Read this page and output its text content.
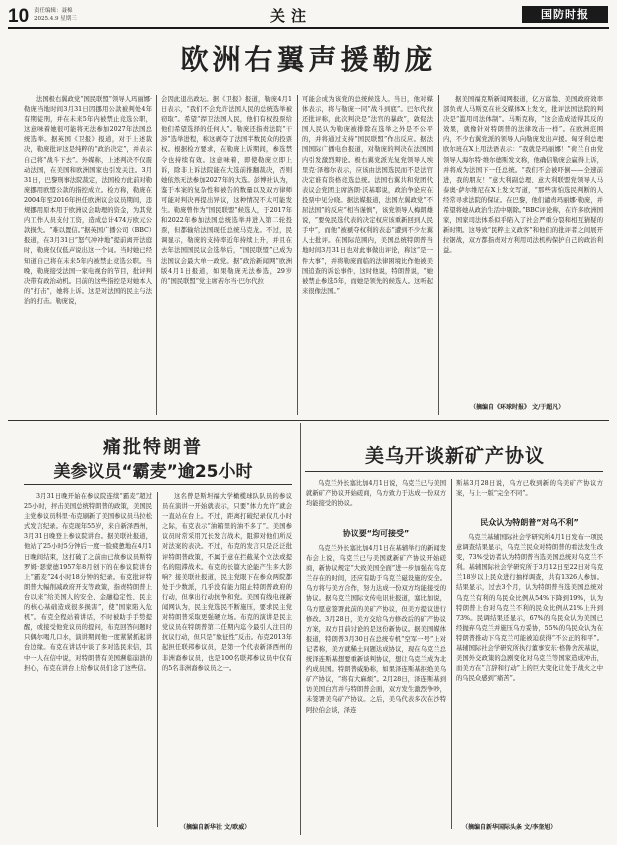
10 责任编辑：聂棉
2025.4.9 星期三	关注	国防时报
欧洲右翼声援勒庞
法国极右翼政党“国民联盟”领导人玛丽娜·勒庞当地时间3月31日因挪用公款被判处4年有期徒刑，并在未来5年内被禁止竞选公职，这意味着她很可能将无法参加2027年法国总统选举。据英国《卫报》报道，对于上述裁决，勒庞批评这是纯粹的“政治决定”，并表示自己将“战斗下去”。外媒称，上述判决不仅震动法国，在美国和欧洲国家也引发关注。3月31日，巴黎刑事法院裁定，法国检方此前对勒庞挪用欧盟公款的指控成立。检方称，勒庞在2004年至2016年担任欧洲议会议员期间，违规挪用原本用于欧洲议会助理的资金，为其党内工作人员支付工资，造成总计474万欧元公款损失。“难以置信。”据英国广播公司（BBC）报道，在3月31日“怒气冲冲地”提前离开法庭时，勒庞仅仅低声说出这一个词。当时她已经知道自己将在未来5年内被禁止竞选公职。当晚，勒庞接受法国一家电视台的节目，批评判决带有政治动机。目前的这些指控是对她本人的“打击”，她将上诉。这是对法国的民主与法治的打击。勒庞说，
会因此退出政坛。据《卫报》报道，勒庞4月1日表示，“我们不会允许法国人民的总统选举被窃取”。希望“捍卫法国人民，他们有权投票给他们希望选择的任何人”。勒庞还指责法院“干涉”选举进程，称这剥夺了法国半数民众的投票权。根据检方要求，在勒庞上诉期间，参选禁令也持续有效。这意味着，即使勒庞立即上诉，除非上诉法院能在大选前推翻裁决，否则她依然无法参加2027年的大选。彭博社认为，鉴于本案的复杂性和被告的数量以及双方律师可能对判决再提出异议，这种情况不太可能发生。勒庞曾作为“国民联盟”候选人，于2017年和2022年参加法国总统选举并进入第二轮投票，但都输给法国现任总统马克龙。不过，民调显示，勒庞的支持率近年持续上升，并且在去年法国国民议会选举后，“国民联盟”已成为法国议会最大单一政党。据“政治新闻网”欧洲版4月1日报道，如果勒庞无法参选，29岁的“国民联盟”党主席若尔当·巴尔代拉
可能会成为该党的总统候选人。当日，他对媒体表示，将与勒庞一同“战斗到底”。巴尔代拉还批评称，此次判决是“法官的暴政”，敦促法国人民认为勒庞被排除在选举之外是不公平的，并将通过支持“国民联盟”作出反应。据法国国际广播电台报道，对勒庞的判决在法国国内引发激烈辩论。极右翼党派光复党领导人埃里克·泽穆尔表示，应该由法国选民而不是法官决定谁有资格竞选总统。法国右翼共和党团代表议会党团主席洛朗·沃基耶说，政治争论应在投票中见分晓。据法媒报道，法国左翼政党“不屈法国”的反应“相当谨慎”，该党领导人梅朗雄说，“要免民选代表的决定权应该重新回到人民手中”，而他“被褫夺权利的表态”遭到不少左翼人士批评。在国际范围内，美国总统特朗普当地时间3月31日也对此事做出评论，称这“是一件大事”，并将勒庞面临的法律困境比作他被美国追查的诉讼事件，这时他说，特朗普说，“她被禁止参选5年，而她是领先的候选人。这听起来很像法国。”
据美国福克斯新闻网报道，亿万富翁、美国政府效率部负责人马斯克在社交媒体X上发文，批评法国法院的判决是“滥用司法体制”。马斯克称，“这会造成适得其反的效果，就像针对特朗普的法律攻击一样”。在欧洲范围内，不少右翼党派的领导人向勒庞发出声援。匈牙利总理欧尔班在X上用法语表示：“我就是玛丽娜！”荷兰自由党领导人海尔特·维尔德斯发文称，他确信勒庞会赢得上诉，并将成为法国下一任总统。“我们不会被吓倒——全速前进，我的朋友！”意大利副总理、意大利联盟党领导人马泰奥·萨尔维尼在X上发文写道，“那些害怕选民判断的人经常寻求法院的保证。在巴黎，他们谴责玛丽娜·勒庞，并希望将她从政治生活中剔除。”BBC评论称，在许多欧洲国家，国家司法体系似乎陷入了社会严重分裂和相互猜疑的新时期。这导致“民粹主义政客”和他们的批评者之间展开拉锯战，双方都指责对方利用司法机构保护自己的政治利益。
（摘编自《环球时报》 文/于超凡）
痛批特朗普
美参议员“霸麦”逾25小时
3月31日晚开始在参议院连续“霸麦”超过25小时，抨击美国总统特朗普的政策，美国民主党参议员科里·布克刷新了美国参议员马拉松式发言纪录。布克现年55岁，来自新泽西州，3月31日晚登上参议院讲台。据美联社报道，他站了25小时5分钟后一度一脸疲惫地在4月1日晚间结束，这打破了之前由已故参议员斯特罗姆·瑟蒙德1957年8月创下的在参议院讲台上“霸麦”24小时18分钟的纪录。布克批评特朗普大幅削减政府开支等政策，指责特朗普上台以来“给美国人的安全、金融稳定性、民主的核心基础造成很多损害”，使“国家陷入危机”。布克全程站着讲话，不时被助手手势提醒，或接受他党议员的提问，布克回答问题时只偶尔喝几口水，演讲期间他一度紧紧抓起讲台边缘。布克在讲话中谈了多对选民来信，其中一人在信中说，对特朗普有美国濒临崩溃的担心，布克在讲台上给参议员们念了这些信。
这名曾是斯坦福大学橄榄球队队员的参议员在演讲一开始就表示，只要“体力允许”就会一直站在台上。不过，距离打破纪录仅几小时之际，布克表示“油箱里的油不多了”。美国参议员时常采用冗长发言战术，阻滞对他们所反对法案的表决。不过，布克的发言只是泛泛批评特朗普政策，不属于意在拦截某个立法或提名的阻滞战术。布克的长篇大论能产生多大影响？接美联社报道，民主党眼下在参众两院都处于少数派，几乎没有能力阻止特朗普政府的行动，但拿出行动抗争和党。美国有线电视新闻网认为，民主党选民不断施压，要求民主党对特朗普采取更强硬立场。布克的演讲是民主党议员在特朗普第二任期内迄今最引人注目的抗议行动，但只是“象征性”反击。布克2013年起担任联邦参议员，是第一个代表新泽西州的非洲裔参议员，也是100名联邦参议员中仅有的5名非洲裔参议员之一。
（摘编自新华社 文/欧威）
美乌开谈新矿产协议
乌克兰外长塞比加4月1日说，乌克兰已与美国就新矿产协议开始磋商，乌方致力于达成一份双方均能接受的协议。
协议要“均可接受”
乌克兰外长塞比加4月1日在基辅举行的新闻发布会上说，乌克兰已与美国就新矿产协议开始磋商，新协议规定“大致美国全面”进一步加强在乌克兰存在的时间，还应有助于乌克兰磁设施的安全。乌方将与美方合作，努力达成一份双方均能接受的协议。据乌克兰国际文传电讯社报道，塞比加说，乌方愿意签署此前的美矿产协议，但美方提议进行修改。3月28日，美方交给乌方修改后的矿产协议方案，双方目前讨论的是这份新协议。据美国媒体报道，特朗普3月30日在总统专机“空军一号”上对记者称，美方就稀土问题达成协议，现在乌克兰总统泽连斯基想要重新谈判协议，想让乌克兰成为北约成员国。特朗普威胁称，如果泽连斯基拒绝美乌矿产协议，“将有大麻烦”。2月28日，泽连斯基到访美国白宫并与特朗普会面，双方发生激烈争吵，未签署美乌矿产协议。之后，美乌代表多次在沙特阿拉伯会谈，泽连
斯基3月28日说，乌方已收到新的乌美矿产协议方案，与上一版“完全不同”。
民众认为特朗普“对乌不利”
乌克兰基辅国际社会学研究所4月1日发布一项民意调查结果显示，乌克兰民众对特朗普的看法发生改变，73%受访者认为特朗普当选美国总统对乌克兰不利。基辅国际社会学研究所于3月12日至22日对乌克兰18岁以上民众进行抽样调查，共有1326人参加。结果显示，过去3个月，认为特朗普当选美国总统对乌克兰有利的乌民众比例从54%下降到19%，认为特朗普上台对乌克兰不利的民众比例从21%上升到73%。民调结果还显示，67%的乌民众认为美国已经抛弃乌克兰并施压乌方妥协，55%的乌民众认为在特朗普推动下乌克兰可能被迫获得“不公正的和平”。基辅国际社会学研究所执行董事安东·格鲁舍茨基说，美国外交政策的急剧变化对乌克兰等国家造成冲击，而美方在“言辞和行动”上的巨大变化让处于战火之中的乌民众感到“痛苦”。
（摘编自新华国际头条 文/李奎旭）
